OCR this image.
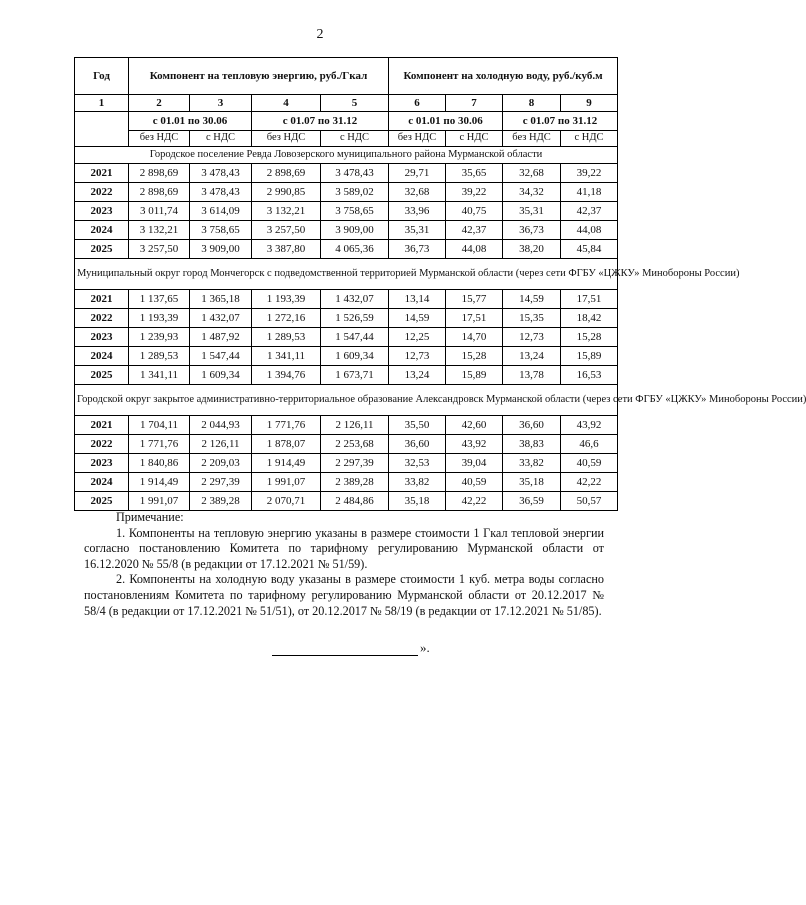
2
Год	Компонент на тепловую энергию, руб./Гкал				Компонент на холодную воду, руб./куб.м			
1	2	3	4	5	6	7	8	9
	с 01.01 по 30.06		с 01.07 по 31.12		с 01.01 по 30.06		с 01.07 по 31.12	
	без НДС	с НДС	без НДС	с НДС	без НДС	с НДС	без НДС	с НДС
Городское поселение Ревда Ловозерского муниципального района Мурманской области								
2021	2 898,69	3 478,43	2 898,69	3 478,43	29,71	35,65	32,68	39,22
2022	2 898,69	3 478,43	2 990,85	3 589,02	32,68	39,22	34,32	41,18
2023	3 011,74	3 614,09	3 132,21	3 758,65	33,96	40,75	35,31	42,37
2024	3 132,21	3 758,65	3 257,50	3 909,00	35,31	42,37	36,73	44,08
2025	3 257,50	3 909,00	3 387,80	4 065,36	36,73	44,08	38,20	45,84
Муниципальный округ город Мончегорск с подведомственной территорией Мурманской области (через сети ФГБУ «ЦЖКУ» Минобороны России)								
2021	1 137,65	1 365,18	1 193,39	1 432,07	13,14	15,77	14,59	17,51
2022	1 193,39	1 432,07	1 272,16	1 526,59	14,59	17,51	15,35	18,42
2023	1 239,93	1 487,92	1 289,53	1 547,44	12,25	14,70	12,73	15,28
2024	1 289,53	1 547,44	1 341,11	1 609,34	12,73	15,28	13,24	15,89
2025	1 341,11	1 609,34	1 394,76	1 673,71	13,24	15,89	13,78	16,53
Городской округ закрытое административно-территориальное образование Александровск Мурманской области (через сети ФГБУ «ЦЖКУ» Минобороны России)								
2021	1 704,11	2 044,93	1 771,76	2 126,11	35,50	42,60	36,60	43,92
2022	1 771,76	2 126,11	1 878,07	2 253,68	36,60	43,92	38,83	46,6
2023	1 840,86	2 209,03	1 914,49	2 297,39	32,53	39,04	33,82	40,59
2024	1 914,49	2 297,39	1 991,07	2 389,28	33,82	40,59	35,18	42,22
2025	1 991,07	2 389,28	2 070,71	2 484,86	35,18	42,22	36,59	50,57

Примечание:

1. Компоненты на тепловую энергию указаны в размере стоимости 1 Гкал тепловой энергии согласно постановлению Комитета по тарифному регулированию Мурманской области от 16.12.2020 № 55/8 (в редакции от 17.12.2021 № 51/59).

2. Компоненты на холодную воду указаны в размере стоимости 1 куб. метра воды согласно постановлениям Комитета по тарифному регулированию Мурманской области от 20.12.2017 № 58/4 (в редакции от 17.12.2021 № 51/51), от 20.12.2017 № 58/19 (в редакции от 17.12.2021 № 51/85).

».
